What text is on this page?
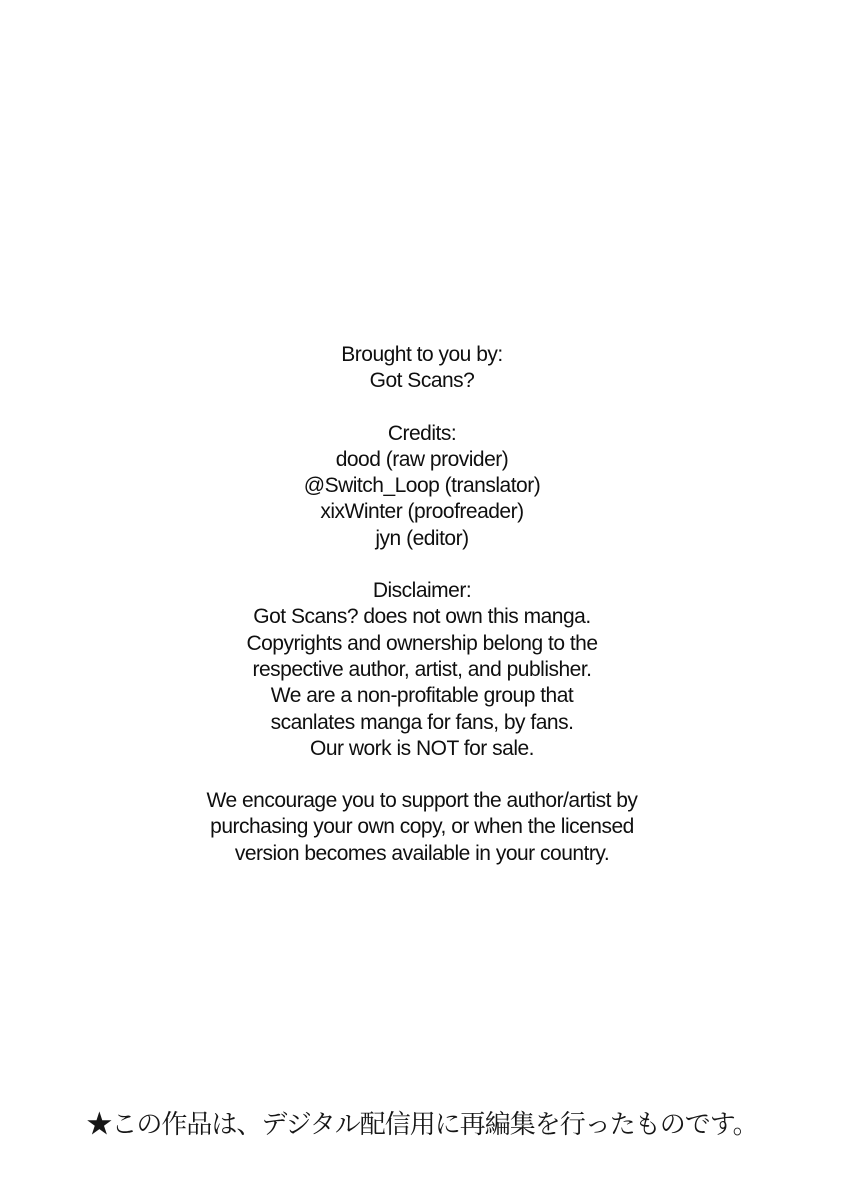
Brought to you by:
Got Scans?
Credits:
dood (raw provider)
@Switch_Loop (translator)
xixWinter (proofreader)
jyn (editor)
Disclaimer:
Got Scans? does not own this manga.
Copyrights and ownership belong to the
respective author, artist, and publisher.
We are a non-profitable group that
scanlates manga for fans, by fans.
Our work is NOT for sale.
We encourage you to support the author/artist by
purchasing your own copy, or when the licensed
version becomes available in your country.
★この作品は、デジタル配信用に再編集を行ったものです。
